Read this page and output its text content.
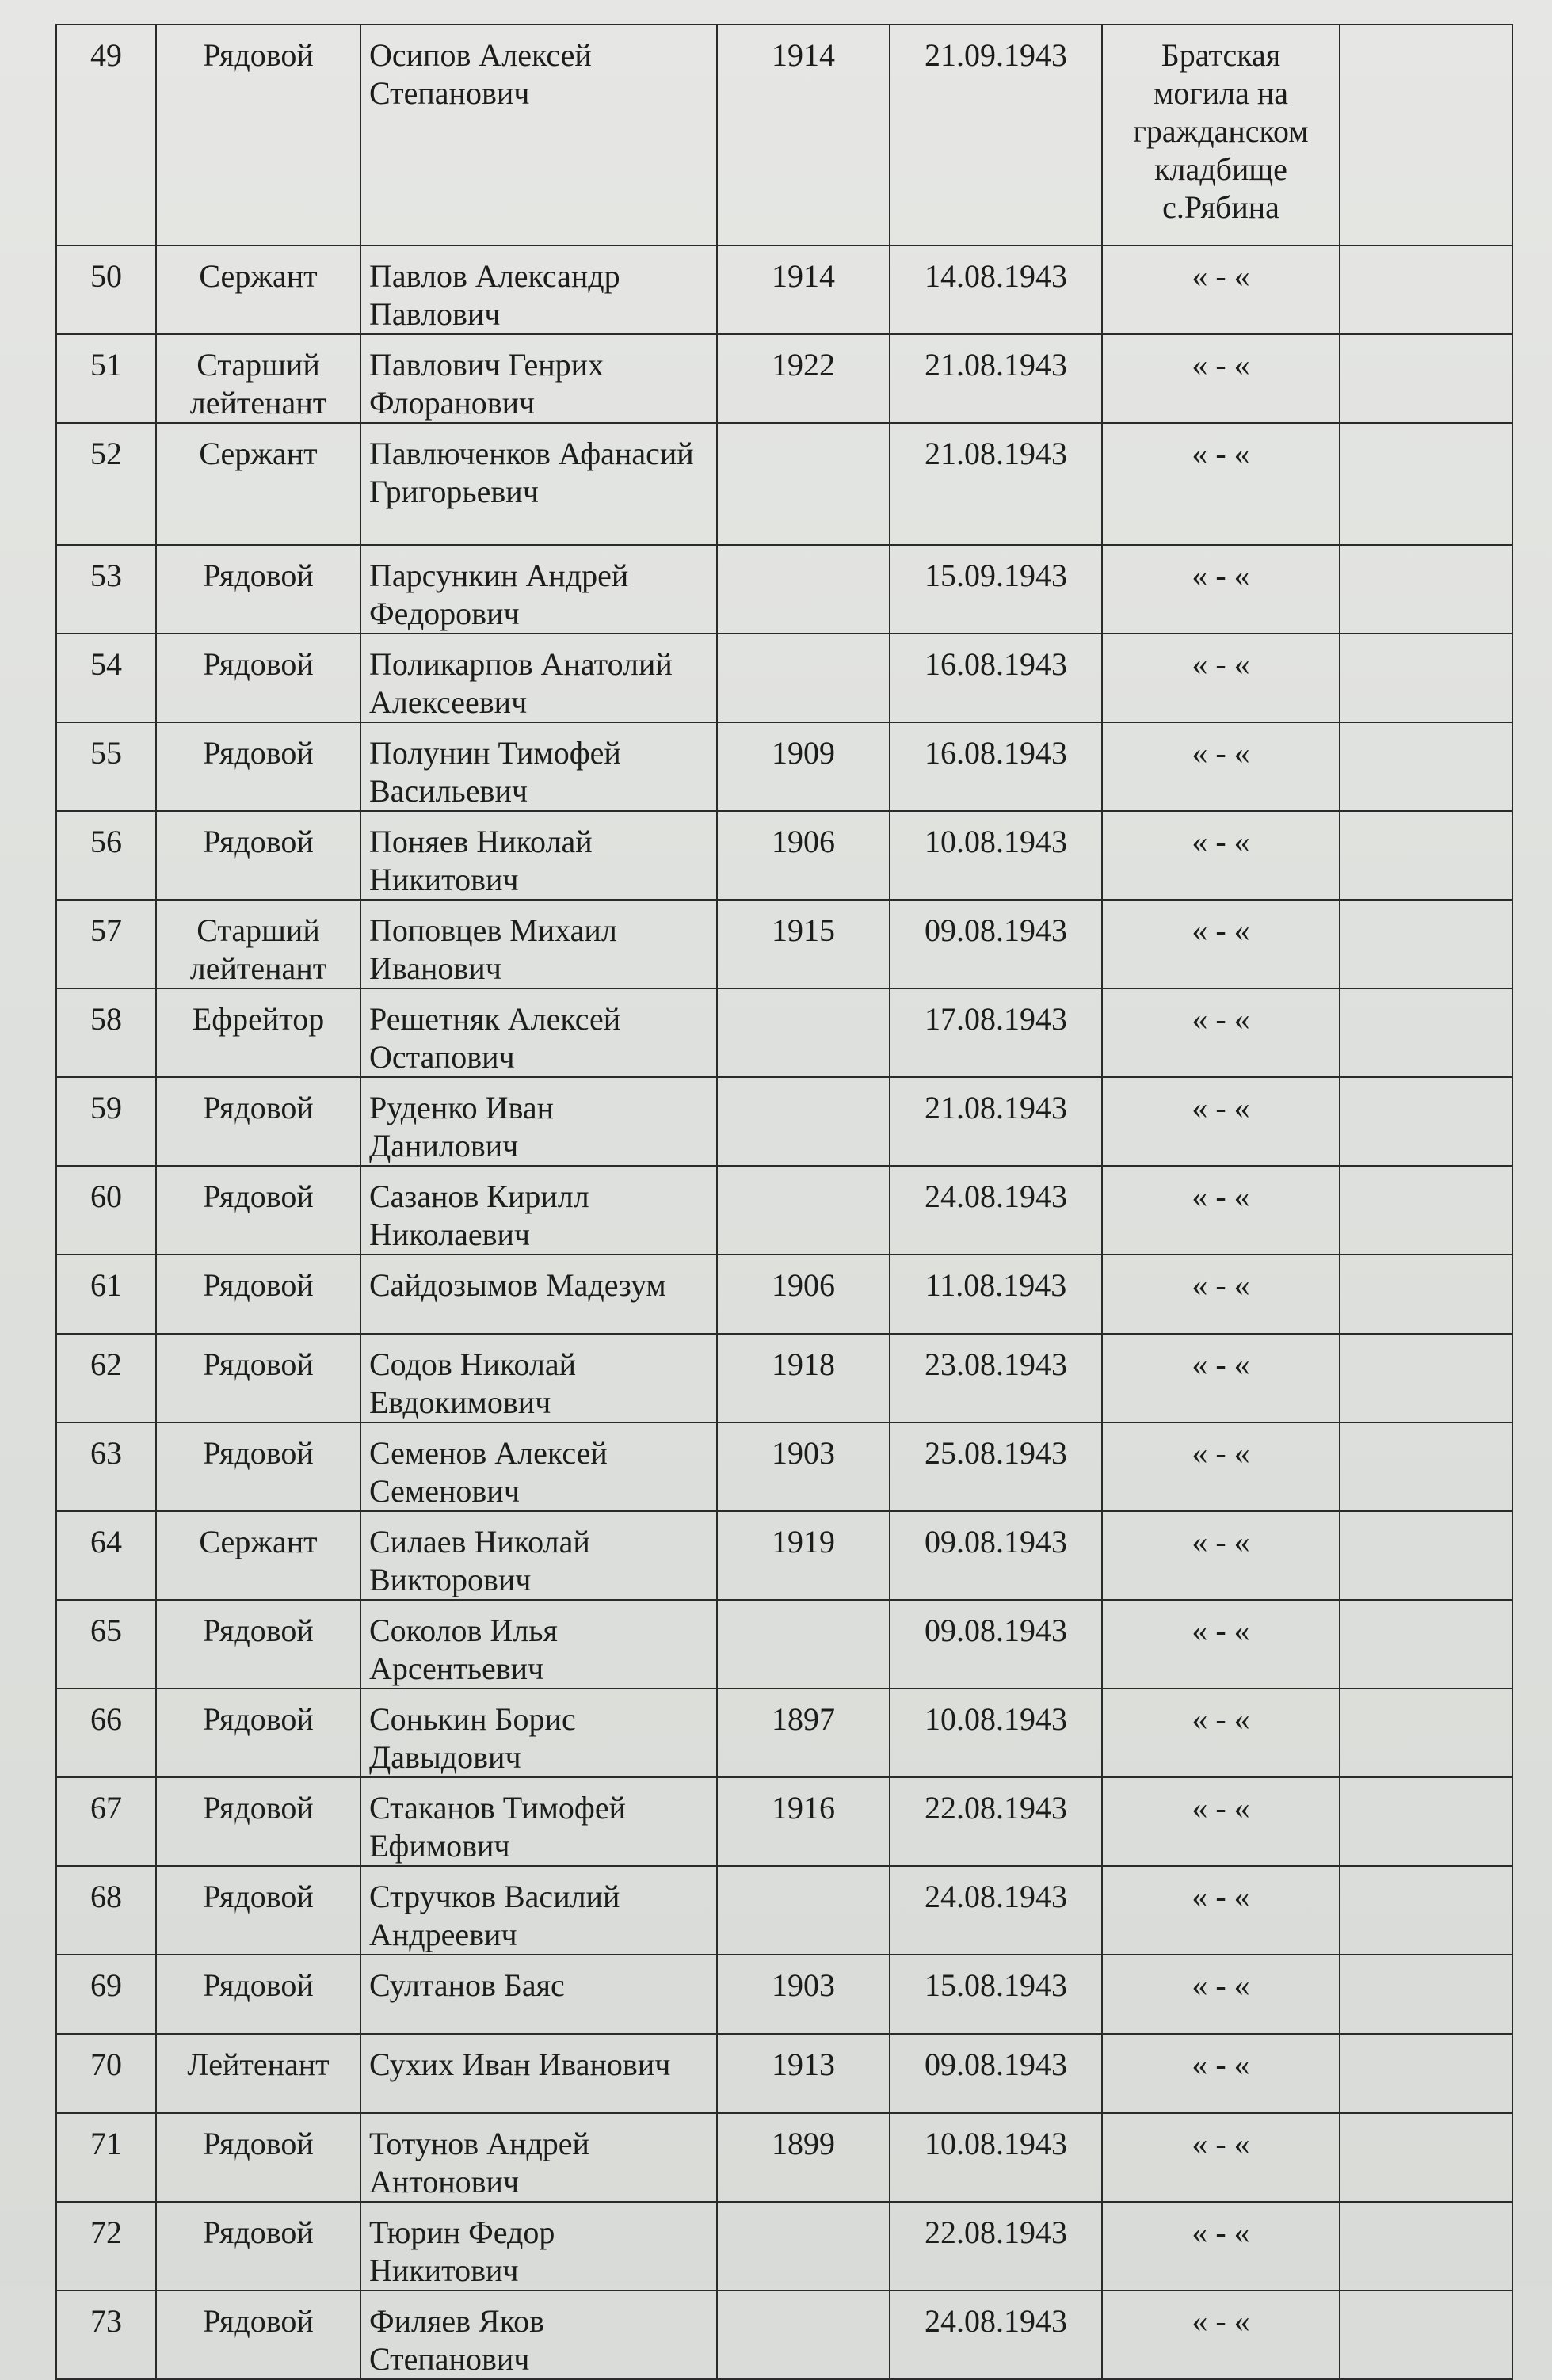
49	Рядовой	Осипов Алексей Степанович	1914	21.09.1943	Братская могила на гражданском кладбище с.Рябина	

50	Сержант	Павлов Александр Павлович	1914	14.08.1943	« - «	

51	Старший лейтенант	Павлович Генрих Флоранович	1922	21.08.1943	« - «	

52	Сержант	Павлюченков Афанасий Григорьевич		21.08.1943	« - «	

53	Рядовой	Парсункин Андрей Федорович		15.09.1943	« - «	

54	Рядовой	Поликарпов Анатолий Алексеевич		16.08.1943	« - «	

55	Рядовой	Полунин Тимофей Васильевич	1909	16.08.1943	« - «	

56	Рядовой	Поняев Николай Никитович	1906	10.08.1943	« - «	

57	Старший лейтенант	Поповцев Михаил Иванович	1915	09.08.1943	« - «	

58	Ефрейтор	Решетняк Алексей Остапович		17.08.1943	« - «	

59	Рядовой	Руденко Иван Данилович		21.08.1943	« - «	

60	Рядовой	Сазанов Кирилл Николаевич		24.08.1943	« - «	

61	Рядовой	Сайдозымов Мадезум	1906	11.08.1943	« - «	

62	Рядовой	Содов Николай Евдокимович	1918	23.08.1943	« - «	

63	Рядовой	Семенов Алексей Семенович	1903	25.08.1943	« - «	

64	Сержант	Силаев Николай Викторович	1919	09.08.1943	« - «	

65	Рядовой	Соколов Илья Арсентьевич		09.08.1943	« - «	

66	Рядовой	Сонькин Борис Давыдович	1897	10.08.1943	« - «	

67	Рядовой	Стаканов Тимофей Ефимович	1916	22.08.1943	« - «	

68	Рядовой	Стручков Василий Андреевич		24.08.1943	« - «	

69	Рядовой	Султанов Баяс	1903	15.08.1943	« - «	

70	Лейтенант	Сухих Иван Иванович	1913	09.08.1943	« - «	

71	Рядовой	Тотунов Андрей Антонович	1899	10.08.1943	« - «	

72	Рядовой	Тюрин Федор Никитович		22.08.1943	« - «	

73	Рядовой	Филяев Яков Степанович		24.08.1943	« - «	
